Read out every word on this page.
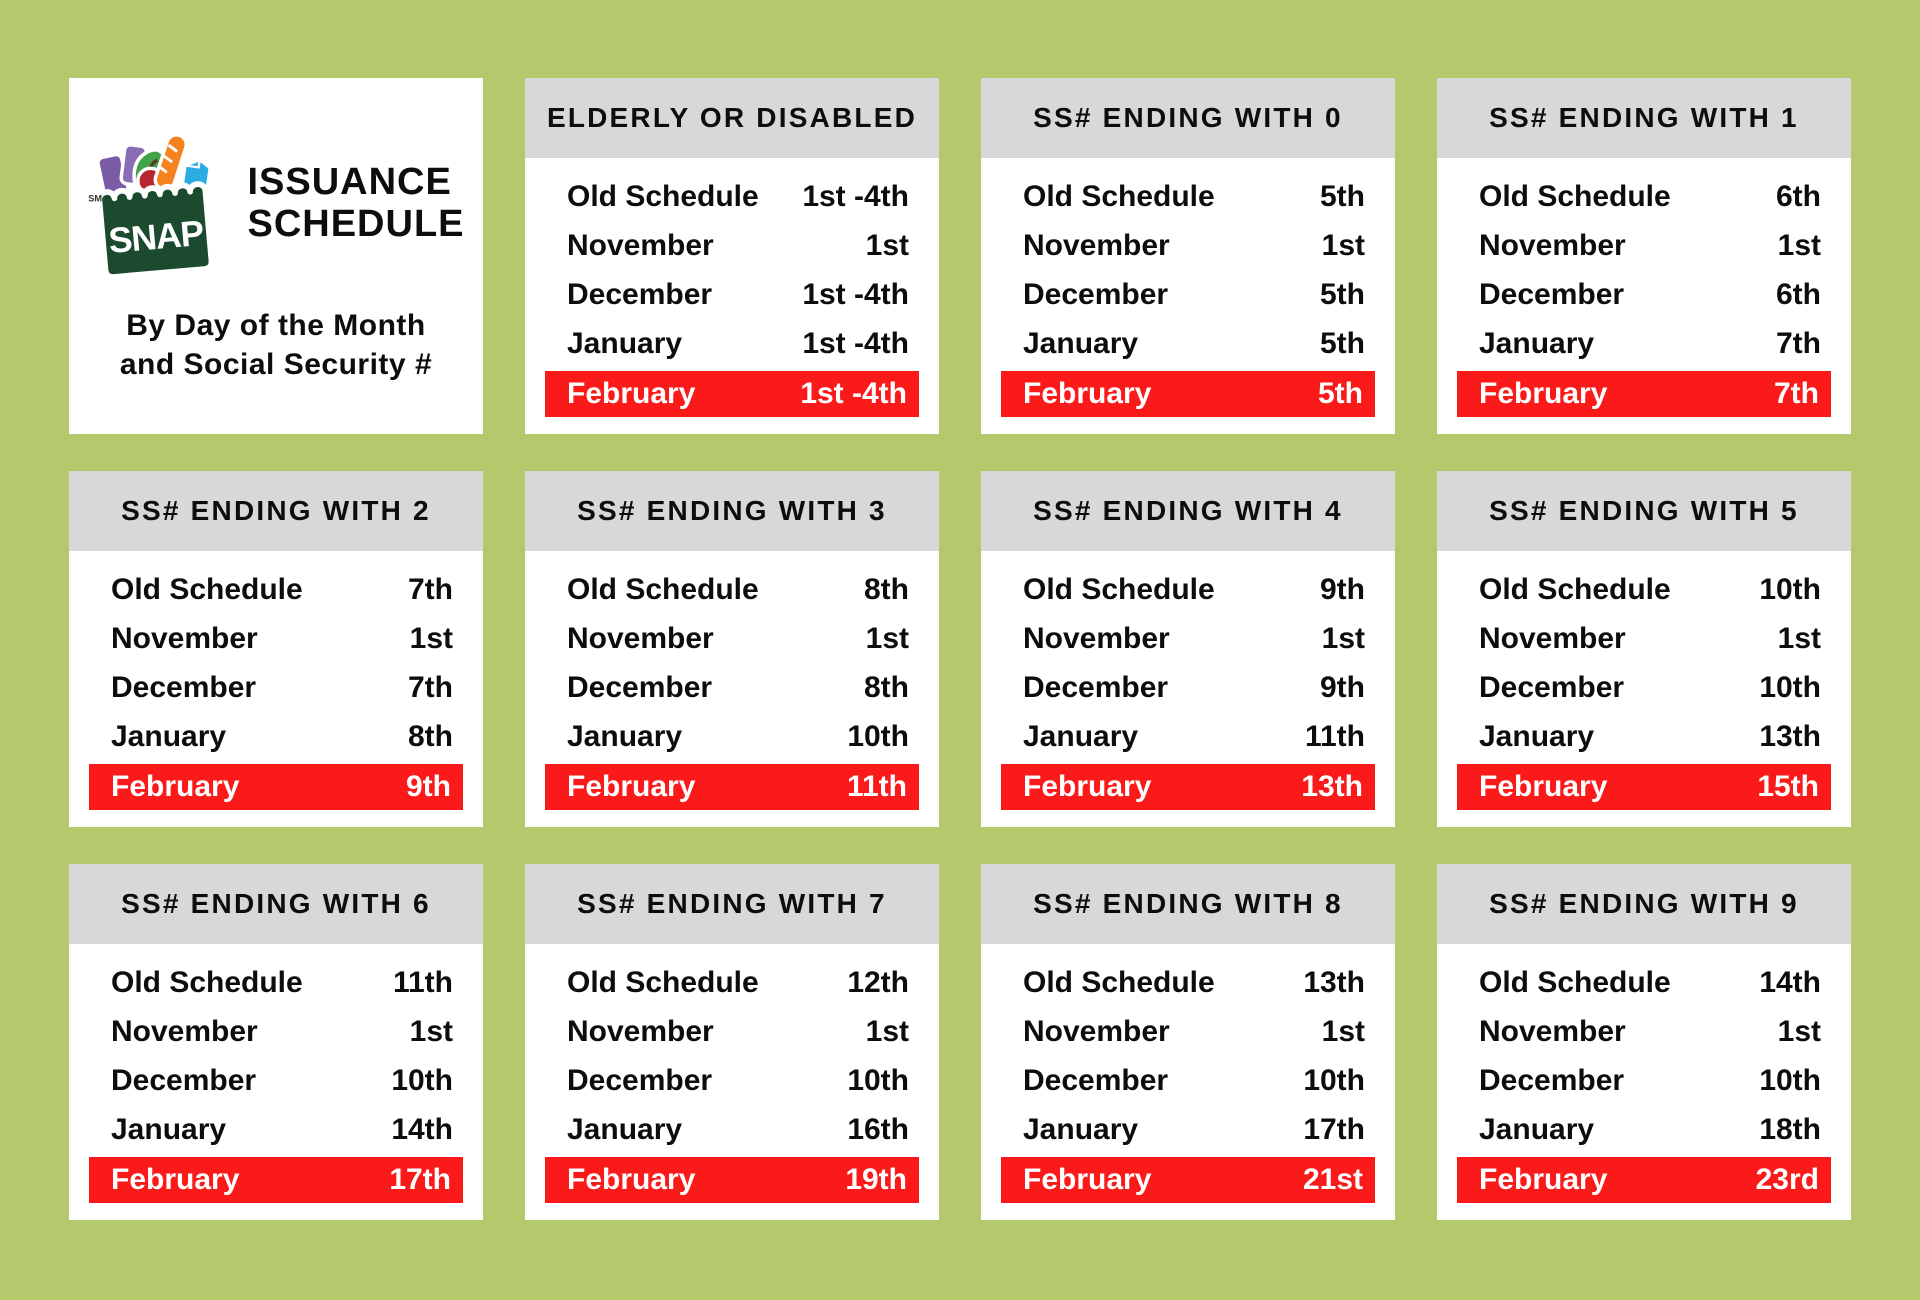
SNAP
SM	ISSUANCE
SCHEDULE
By Day of the Month
and Social Security #
ELDERLY OR DISABLED
Old Schedule 1st -4th
November	1st
December	1st -4th
January	1st -4th
February	1st -4th
SS# ENDING WITH 0
Old Schedule	5th
November	1st
December	5th
January	5th
February	5th
SS# ENDING WITH 1
Old Schedule	6th
November	1st
December	6th
January	7th
February	7th
SS# ENDING WITH 2
Old Schedule	7th
November	1st
December	7th
January	8th
February	9th
SS# ENDING WITH 3
Old Schedule	8th
November	1st
December	8th
January	10th
February	11th
SS# ENDING WITH 4
Old Schedule	9th
November	1st
December	9th
January	11th
February	13th
SS# ENDING WITH 5
Old Schedule	10th
November	1st
December	10th
January	13th
February	15th
SS# ENDING WITH 6
Old Schedule	11th
November	1st
December	10th
January	14th
February	17th
SS# ENDING WITH 7
Old Schedule	12th
November	1st
December	10th
January	16th
February	19th
SS# ENDING WITH 8
Old Schedule	13th
November	1st
December	10th
January	17th
February	21st
SS# ENDING WITH 9
Old Schedule	14th
November	1st
December	10th
January	18th
February	23rd
